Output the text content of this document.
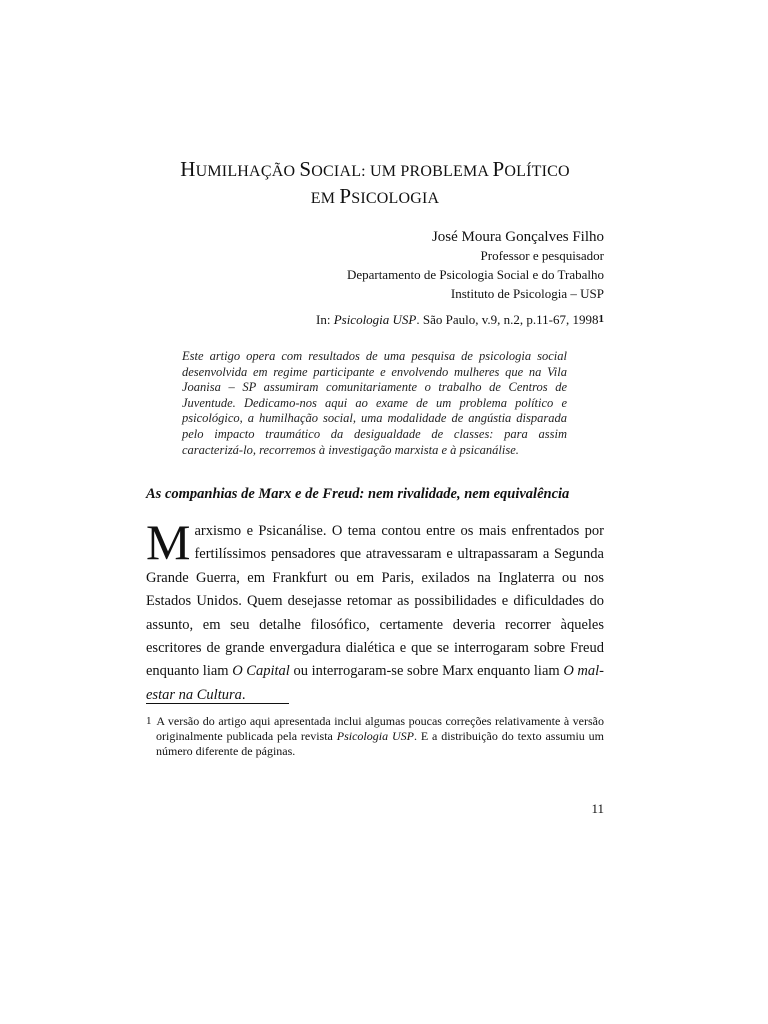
HUMILHAÇÃO SOCIAL: UM PROBLEMA POLÍTICO
EM PSICOLOGIA
José Moura Gonçalves Filho
Professor e pesquisador
Departamento de Psicologia Social e do Trabalho
Instituto de Psicologia – USP
In: Psicologia USP. São Paulo, v.9, n.2, p.11-67, 19981

Este artigo opera com resultados de uma pesquisa de psicologia social desenvolvida em regime participante e envolvendo mulheres que na Vila Joanisa – SP assumiram comunitariamente o trabalho de Centros de Juventude. Dedicamo-nos aqui ao exame de um problema político e psicológico, a humilhação social, uma modalidade de angústia disparada pelo impacto traumático da desigualdade de classes: para assim caracterizá-lo, recorremos à investigação marxista e à psicanálise.

As companhias de Marx e de Freud: nem rivalidade, nem equivalência

Marxismo e Psicanálise. O tema contou entre os mais enfrentados por fertilíssimos pensadores que atravessaram e ultrapassaram a Segunda Grande Guerra, em Frankfurt ou em Paris, exilados na Inglaterra ou nos Estados Unidos. Quem desejasse retomar as possibilidades e dificuldades do assunto, em seu detalhe filosófico, certamente deveria recorrer àqueles escritores de grande envergadura dialética e que se interrogaram sobre Freud enquanto liam O Capital ou interrogaram-se sobre Marx enquanto liam O mal-estar na Cultura.

1 A versão do artigo aqui apresentada inclui algumas poucas correções relativamente à versão originalmente publicada pela revista Psicologia USP. E a distribuição do texto assumiu um número diferente de páginas.

11
